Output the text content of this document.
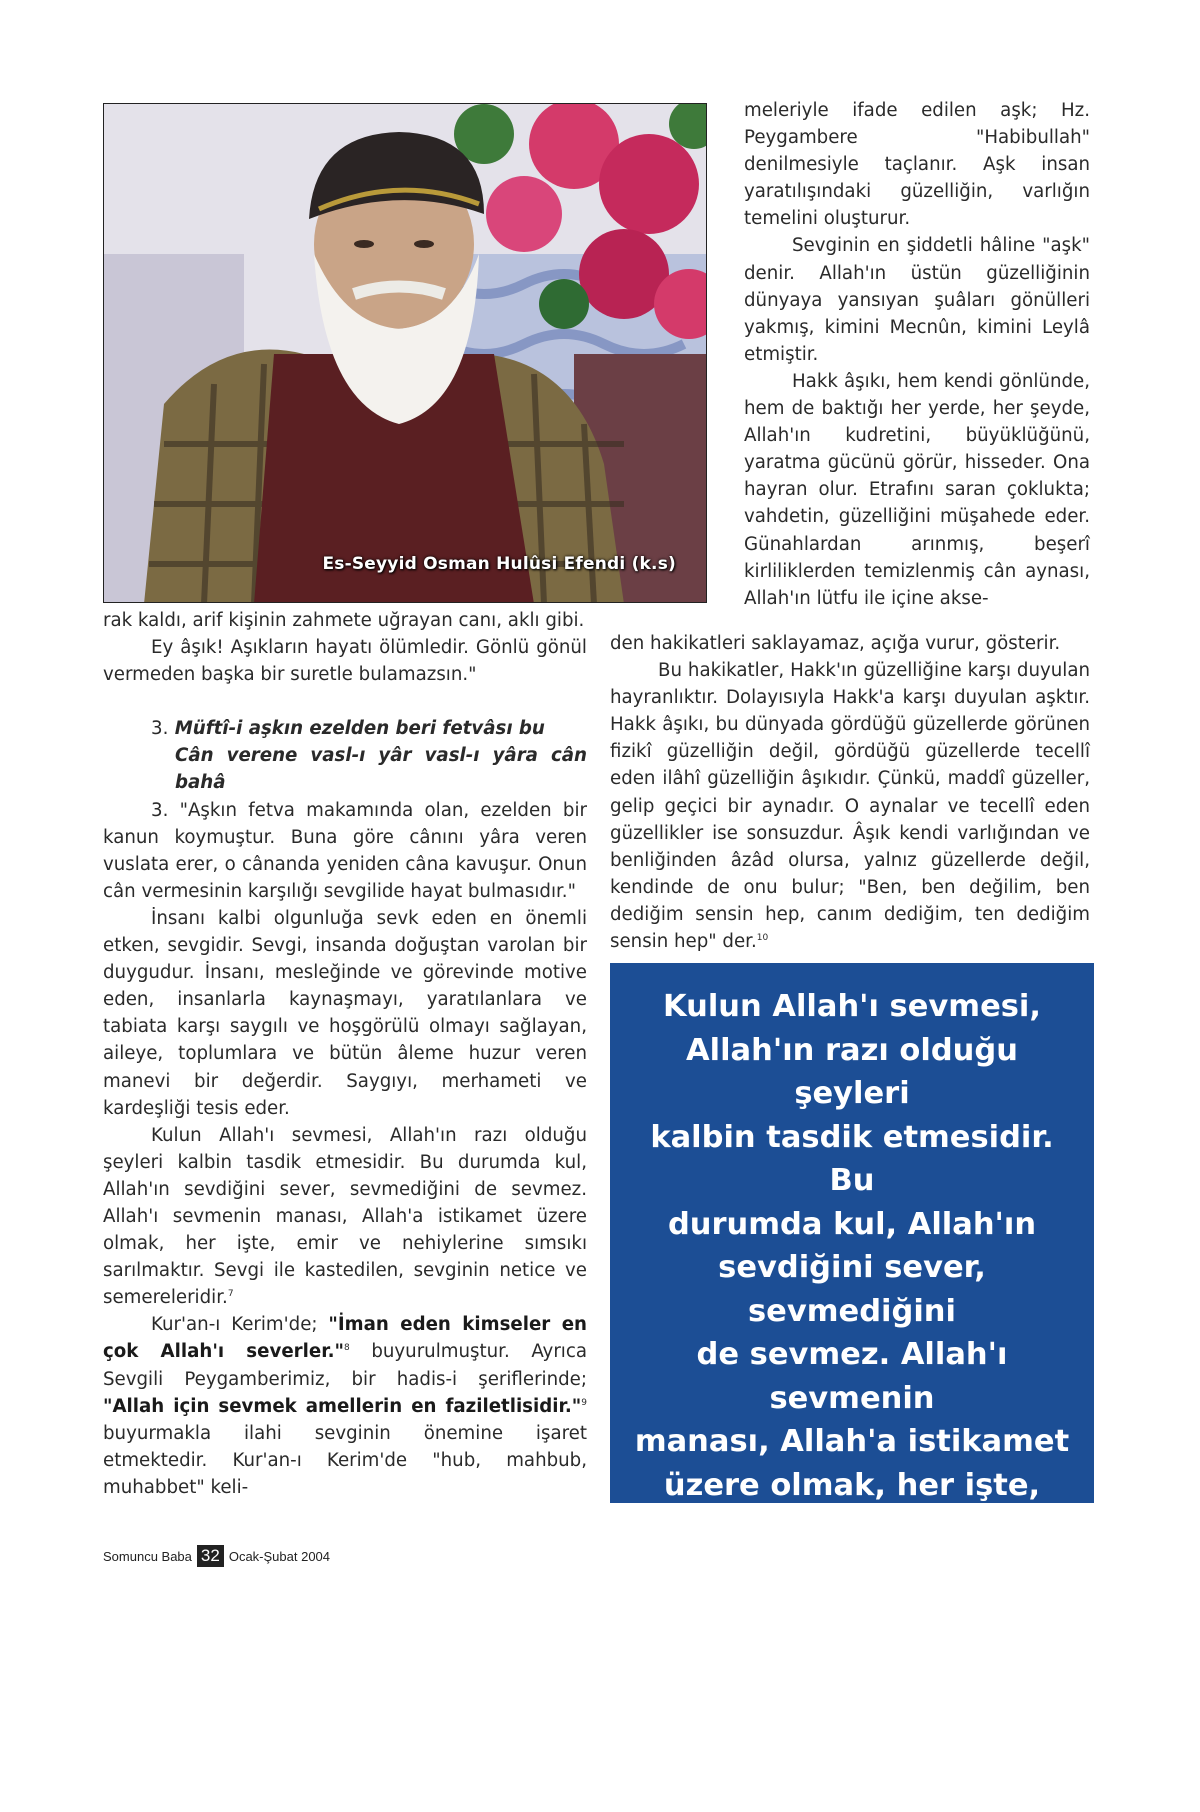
Es-Seyyid Osman Hulûsi Efendi (k.s)

meleriyle ifade edilen aşk; Hz. Peygambere "Habibullah" denilmesiyle taçlanır. Aşk insan yaratılışındaki güzelliğin, varlığın temelini oluşturur.

Sevginin en şiddetli hâline "aşk" denir. Allah'ın üstün güzelliğinin dünyaya yansıyan şuâları gönülleri yakmış, kimini Mecnûn, kimini Leylâ etmiştir.

Hakk âşıkı, hem kendi gönlünde, hem de baktığı her yerde, her şeyde, Allah'ın kudretini, büyüklüğünü, yaratma gücünü görür, hisseder. Ona hayran olur. Etrafını saran çoklukta; vahdetin, güzelliğini müşahede eder. Günahlardan arınmış, beşerî kirliliklerden temizlenmiş cân aynası, Allah'ın lütfu ile içine akse-

den hakikatleri saklayamaz, açığa vurur, gösterir.

Bu hakikatler, Hakk'ın güzelliğine karşı duyulan hayranlıktır. Dolayısıyla Hakk'a karşı duyulan aşktır. Hakk âşıkı, bu dünyada gördüğü güzellerde görünen fizikî güzelliğin değil, gördüğü güzellerde tecellî eden ilâhî güzelliğin âşıkıdır. Çünkü, maddî güzeller, gelip geçici bir aynadır. O aynalar ve tecellî eden güzellikler ise sonsuzdur. Âşık kendi varlığından ve benliğinden âzâd olursa, yalnız güzellerde değil, kendinde de onu bulur; "Ben, ben değilim, ben dediğim sensin hep, canım dediğim, ten dediğim sensin hep" der.$^{10}$

rak kaldı, arif kişinin zahmete uğrayan canı, aklı gibi.

Ey âşık! Aşıkların hayatı ölümledir. Gönlü gönül vermeden başka bir suretle bulamazsın."

3. Müftî-i aşkın ezelden beri fetvâsı bu
Cân verene vasl-ı yâr vasl-ı yâra cân bahâ

3. "Aşkın fetva makamında olan, ezelden bir kanun koymuştur. Buna göre cânını yâra veren vuslata erer, o cânanda yeniden câna kavuşur. Onun cân vermesinin karşılığı sevgilide hayat bulmasıdır."

İnsanı kalbi olgunluğa sevk eden en önemli etken, sevgidir. Sevgi, insanda doğuştan varolan bir duygudur. İnsanı, mesleğinde ve görevinde motive eden, insanlarla kaynaşmayı, yaratılanlara ve tabiata karşı saygılı ve hoşgörülü olmayı sağlayan, aileye, toplumlara ve bütün âleme huzur veren manevi bir değerdir. Saygıyı, merhameti ve kardeşliği tesis eder.

Kulun Allah'ı sevmesi, Allah'ın razı olduğu şeyleri kalbin tasdik etmesidir. Bu durumda kul, Allah'ın sevdiğini sever, sevmediğini de sevmez. Allah'ı sevmenin manası, Allah'a istikamet üzere olmak, her işte, emir ve nehiylerine sımsıkı sarılmaktır. Sevgi ile kastedilen, sevginin netice ve semereleridir.$^7$

Kur'an-ı Kerim'de; "İman eden kimseler en çok Allah'ı severler."$^8$ buyurulmuştur. Ayrıca Sevgili Peygamberimiz, bir hadis-i şeriflerinde; "Allah için sevmek amellerin en faziletlisidir."$^9$ buyurmakla ilahi sevginin önemine işaret etmektedir. Kur'an-ı Kerim'de "hub, mahbub, muhabbet" keli-

Kulun Allah'ı sevmesi,
Allah'ın razı olduğu şeyleri
kalbin tasdik etmesidir. Bu
durumda kul, Allah'ın
sevdiğini sever, sevmediğini
de sevmez. Allah'ı sevmenin
manası, Allah'a istikamet
üzere olmak, her işte, emir
ve nehiylerine sımsıkı sarıl-
maktır. Sevgi ile kastedilen,
sevginin netice ve se-
mereleridir.
Somuncu Baba 32 Ocak-Şubat 2004
